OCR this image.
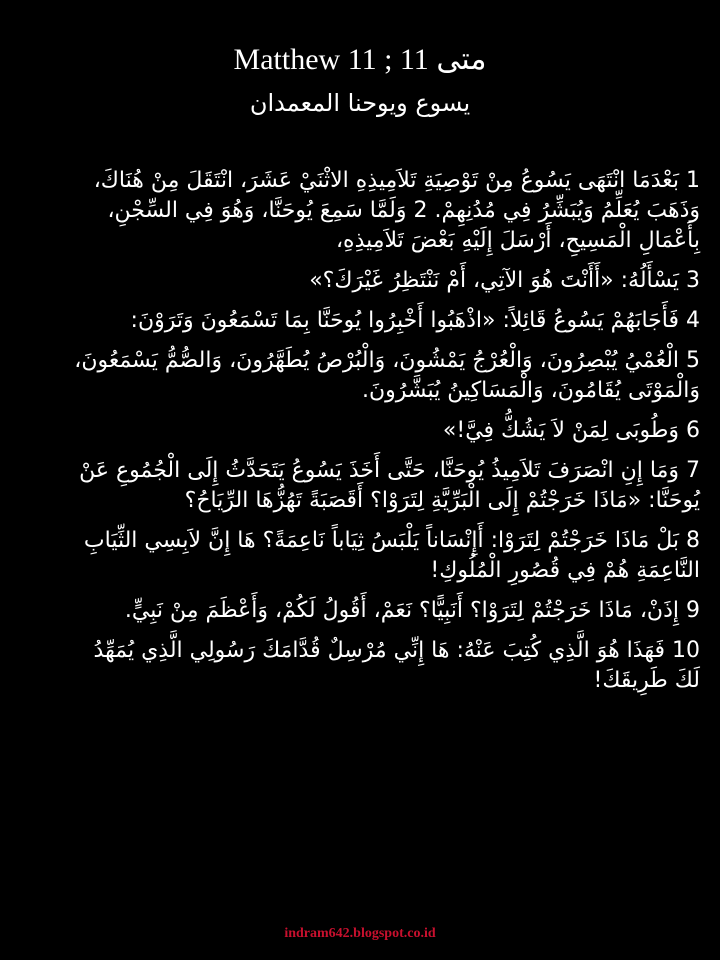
متى 11 ; Matthew 11
يسوع ويوحنا المعمدان

1 بَعْدَمَا انْتَهَى يَسُوعُ مِنْ تَوْصِيَةِ تَلاَمِيذِهِ الاثْنَيْ عَشَرَ، انْتَقَلَ مِنْ هُنَاكَ، وَذَهَبَ يُعَلِّمُ وَيُبَشِّرُ فِي مُدُنِهِمْ. 2 وَلَمَّا سَمِعَ يُوحَنَّا، وَهُوَ فِي السِّجْنِ، بِأَعْمَالِ الْمَسِيحِ، أَرْسَلَ إِلَيْهِ بَعْضَ تَلاَمِيذِهِ،

3 يَسْأَلُهُ: «أَأَنْتَ هُوَ الآتِي، أَمْ نَنْتَظِرُ غَيْرَكَ؟»

4 فَأَجَابَهُمْ يَسُوعُ قَائِلاً: «اذْهَبُوا أَخْبِرُوا يُوحَنَّا بِمَا تَسْمَعُونَ وَتَرَوْنَ:

5 الْعُمْيُ يُبْصِرُونَ، وَالْعُرْجُ يَمْشُونَ، وَالْبُرْصُ يُطَهَّرُونَ، وَالصُّمُّ يَسْمَعُونَ، وَالْمَوْتَى يُقَامُونَ، وَالْمَسَاكِينُ يُبَشَّرُونَ.

6 وَطُوبَى لِمَنْ لاَ يَشُكُّ فِيَّ!»

7 وَمَا إِنِ انْصَرَفَ تَلاَمِيذُ يُوحَنَّا، حَتَّى أَخَذَ يَسُوعُ يَتَحَدَّثُ إِلَى الْجُمُوعِ عَنْ يُوحَنَّا: «مَاذَا خَرَجْتُمْ إِلَى الْبَرِّيَّةِ لِتَرَوْا؟ أَقَصَبَةً تَهُزُّهَا الرِّيَاحُ؟

8 بَلْ مَاذَا خَرَجْتُمْ لِتَرَوْا: أَإِنْسَاناً يَلْبَسُ ثِيَاباً نَاعِمَةً؟ هَا إِنَّ لاَبِسِي الثِّيَابِ النَّاعِمَةِ هُمْ فِي قُصُورِ الْمُلُوكِ!

9 إِذَنْ، مَاذَا خَرَجْتُمْ لِتَرَوْا؟ أَنَبِيًّا؟ نَعَمْ، أَقُولُ لَكُمْ، وَأَعْظَمَ مِنْ نَبِيٍّ.

10 فَهَذَا هُوَ الَّذِي كُتِبَ عَنْهُ: هَا إِنِّي مُرْسِلٌ قُدَّامَكَ رَسُولِي الَّذِي يُمَهِّدُ لَكَ طَرِيقَكَ!

indram642.blogspot.co.id
